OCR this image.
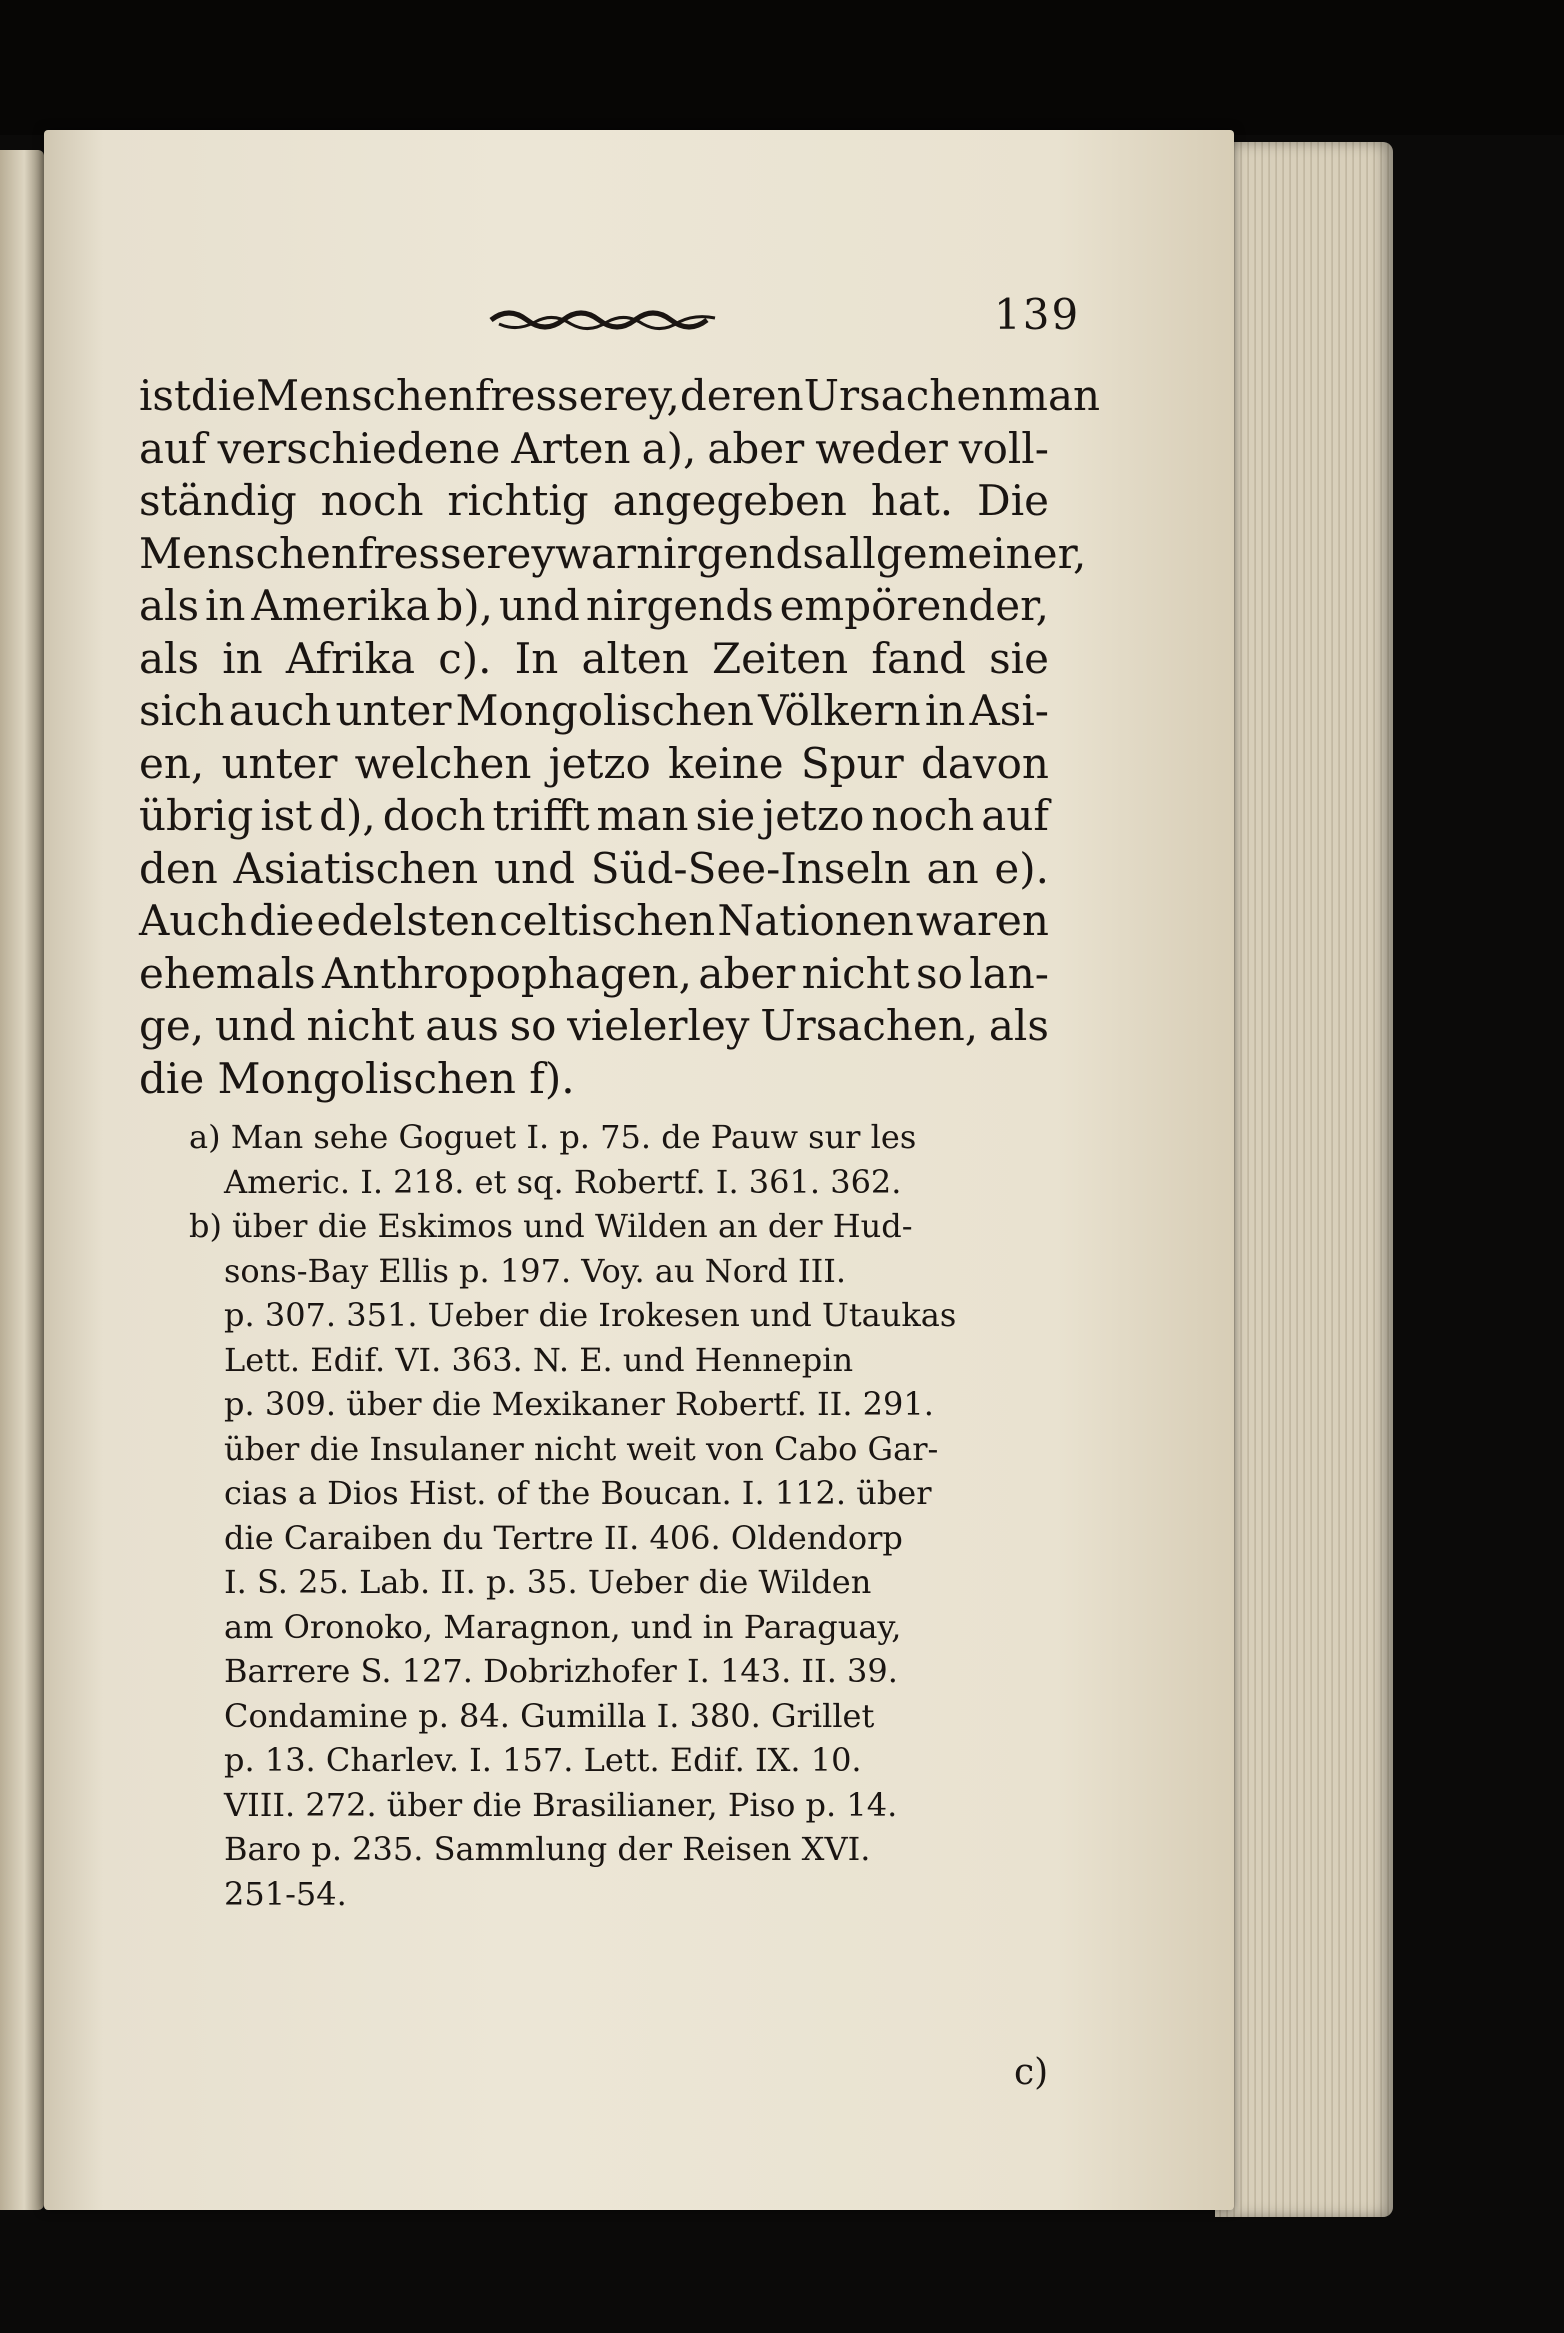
139
ist die Menschenfresserey, deren Ursachen man
auf verschiedene Arten a), aber weder voll-
ständig noch richtig angegeben hat. Die
Menschenfresserey war nirgends allgemeiner,
als in Amerika b), und nirgends empörender,
als in Afrika c). In alten Zeiten fand sie
sich auch unter Mongolischen Völkern in Asi-
en, unter welchen jetzo keine Spur davon
übrig ist d), doch trifft man sie jetzo noch auf
den Asiatischen und Süd-See-Inseln an e).
Auch die edelsten celtischen Nationen waren
ehemals Anthropophagen, aber nicht so lan-
ge, und nicht aus so vielerley Ursachen, als
die Mongolischen f).
a) Man sehe Goguet I. p. 75. de Pauw sur les
Americ. I. 218. et sq. Robertf. I. 361. 362.
b) über die Eskimos und Wilden an der Hud-
sons-Bay Ellis p. 197. Voy. au Nord III.
p. 307. 351. Ueber die Irokesen und Utaukas
Lett. Edif. VI. 363. N. E. und Hennepin
p. 309. über die Mexikaner Robertf. II. 291.
über die Insulaner nicht weit von Cabo Gar-
cias a Dios Hist. of the Boucan. I. 112. über
die Caraiben du Tertre II. 406. Oldendorp
I. S. 25. Lab. II. p. 35. Ueber die Wilden
am Oronoko, Maragnon, und in Paraguay,
Barrere S. 127. Dobrizhofer I. 143. II. 39.
Condamine p. 84. Gumilla I. 380. Grillet
p. 13. Charlev. I. 157. Lett. Edif. IX. 10.
VIII. 272. über die Brasilianer, Piso p. 14.
Baro p. 235. Sammlung der Reisen XVI.
251-54.
c)
